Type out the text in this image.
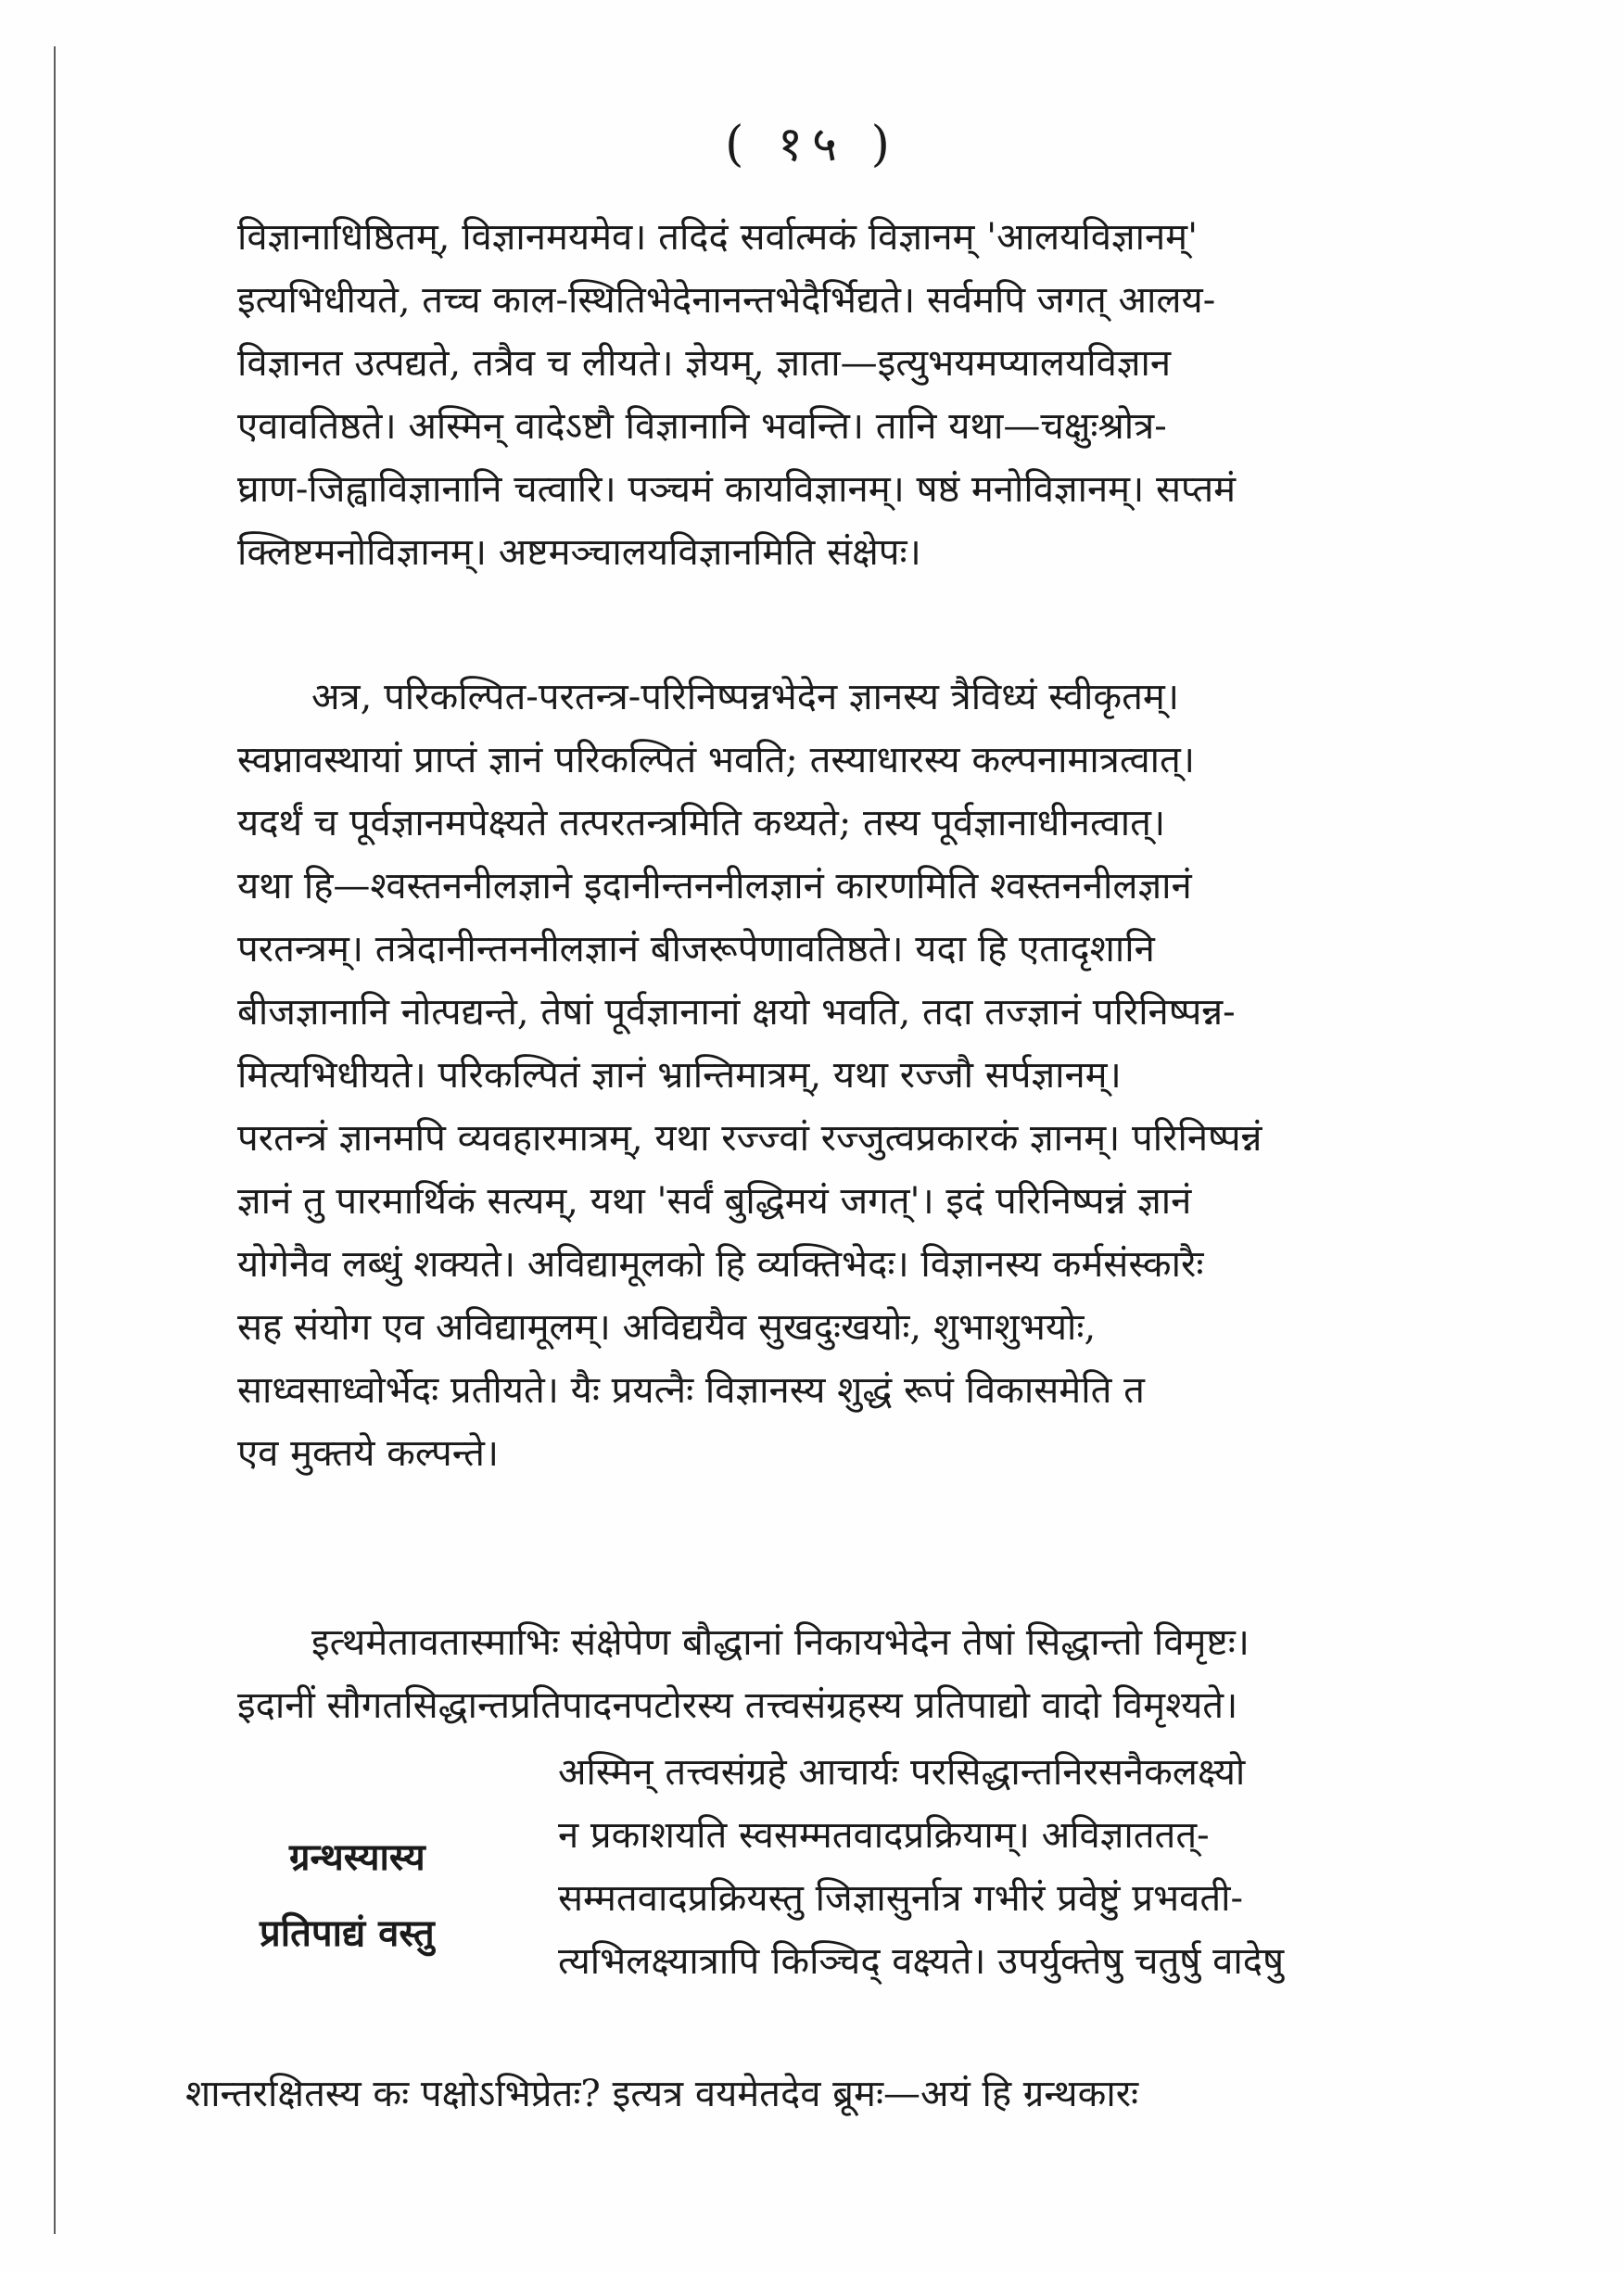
( १५ )
विज्ञानाधिष्ठितम्, विज्ञानमयमेव। तदिदं सर्वात्मकं विज्ञानम् 'आलयविज्ञानम्'
इत्यभिधीयते, तच्च काल-स्थितिभेदेनानन्तभेदैर्भिद्यते। सर्वमपि जगत् आलय-
विज्ञानत उत्पद्यते, तत्रैव च लीयते। ज्ञेयम्, ज्ञाता—इत्युभयमप्यालयविज्ञान
एवावतिष्ठते। अस्मिन् वादेऽष्टौ विज्ञानानि भवन्ति। तानि यथा—चक्षुःश्रोत्र-
घ्राण-जिह्वाविज्ञानानि चत्वारि। पञ्चमं कायविज्ञानम्। षष्ठं मनोविज्ञानम्। सप्तमं
क्लिष्टमनोविज्ञानम्। अष्टमञ्चालयविज्ञानमिति संक्षेपः।
अत्र, परिकल्पित-परतन्त्र-परिनिष्पन्नभेदेन ज्ञानस्य त्रैविध्यं स्वीकृतम्।
स्वप्नावस्थायां प्राप्तं ज्ञानं परिकल्पितं भवति; तस्याधारस्य कल्पनामात्रत्वात्।
यदर्थं च पूर्वज्ञानमपेक्ष्यते तत्परतन्त्रमिति कथ्यते; तस्य पूर्वज्ञानाधीनत्वात्।
यथा हि—श्वस्तननीलज्ञाने इदानीन्तननीलज्ञानं कारणमिति श्वस्तननीलज्ञानं
परतन्त्रम्। तत्रेदानीन्तननीलज्ञानं बीजरूपेणावतिष्ठते। यदा हि एतादृशानि
बीजज्ञानानि नोत्पद्यन्ते, तेषां पूर्वज्ञानानां क्षयो भवति, तदा तज्ज्ञानं परिनिष्पन्न-
मित्यभिधीयते। परिकल्पितं ज्ञानं भ्रान्तिमात्रम्, यथा रज्जौ सर्पज्ञानम्।
परतन्त्रं ज्ञानमपि व्यवहारमात्रम्, यथा रज्ज्वां रज्जुत्वप्रकारकं ज्ञानम्। परिनिष्पन्नं
ज्ञानं तु पारमार्थिकं सत्यम्, यथा 'सर्वं बुद्धिमयं जगत्'। इदं परिनिष्पन्नं ज्ञानं
योगेनैव लब्धुं शक्यते। अविद्यामूलको हि व्यक्तिभेदः। विज्ञानस्य कर्मसंस्कारैः
सह संयोग एव अविद्यामूलम्। अविद्ययैव सुखदुःखयोः, शुभाशुभयोः,
साध्वसाध्वोर्भेदः प्रतीयते। यैः प्रयत्नैः विज्ञानस्य शुद्धं रूपं विकासमेति त
एव मुक्तये कल्पन्ते।
इत्थमेतावतास्माभिः संक्षेपेण बौद्धानां निकायभेदेन तेषां सिद्धान्तो विमृष्टः।
इदानीं सौगतसिद्धान्तप्रतिपादनपटोरस्य तत्त्वसंग्रहस्य प्रतिपाद्यो वादो विमृश्यते।
ग्रन्थस्यास्य
प्रतिपाद्यं वस्तु
अस्मिन् तत्त्वसंग्रहे आचार्यः परसिद्धान्तनिरसनैकलक्ष्यो
न प्रकाशयति स्वसम्मतवादप्रक्रियाम्। अविज्ञाततत्-
सम्मतवादप्रक्रियस्तु जिज्ञासुर्नात्र गभीरं प्रवेष्टुं प्रभवती-
त्यभिलक्ष्यात्रापि किञ्चिद् वक्ष्यते। उपर्युक्तेषु चतुर्षु वादेषु
शान्तरक्षितस्य कः पक्षोऽभिप्रेतः? इत्यत्र वयमेतदेव ब्रूमः—अयं हि ग्रन्थकारः
